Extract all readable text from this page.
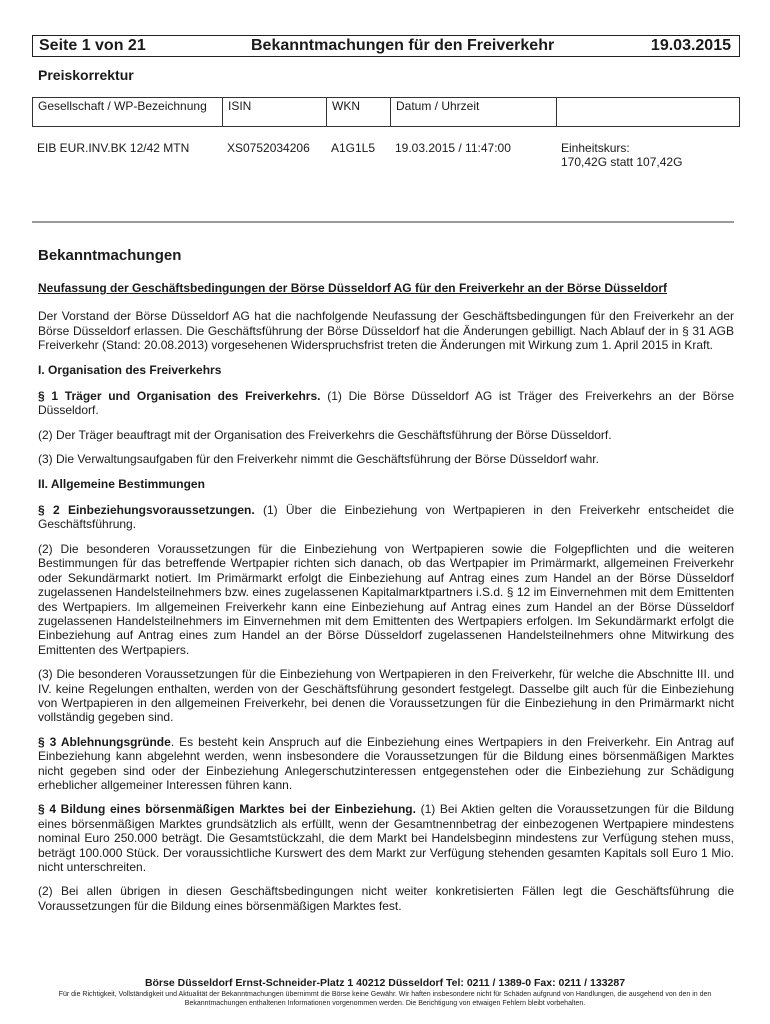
Seite 1 von 21	Bekanntmachungen für den Freiverkehr	19.03.2015
Preiskorrektur
Gesellschaft / WP-Bezeichnung	ISIN	WKN	Datum / Uhrzeit
EIB EUR.INV.BK 12/42 MTN	XS0752034206	A1G1L5	19.03.2015 / 11:47:00	Einheitskurs:
170,42G statt 107,42G
Bekanntmachungen

Neufassung der Geschäftsbedingungen der Börse Düsseldorf AG für den Freiverkehr an der Börse Düsseldorf

Der Vorstand der Börse Düsseldorf AG hat die nachfolgende Neufassung der Geschäftsbedingungen für den Freiverkehr an der Börse Düsseldorf erlassen. Die Geschäftsführung der Börse Düsseldorf hat die Änderungen gebilligt. Nach Ablauf der in § 31 AGB Freiverkehr (Stand: 20.08.2013) vorgesehenen Widerspruchsfrist treten die Änderungen mit Wirkung zum 1. April 2015 in Kraft.

I. Organisation des Freiverkehrs

§ 1 Träger und Organisation des Freiverkehrs. (1) Die Börse Düsseldorf AG ist Träger des Freiverkehrs an der Börse Düsseldorf.

(2) Der Träger beauftragt mit der Organisation des Freiverkehrs die Geschäftsführung der Börse Düsseldorf.

(3) Die Verwaltungsaufgaben für den Freiverkehr nimmt die Geschäftsführung der Börse Düsseldorf wahr.

II. Allgemeine Bestimmungen

§ 2 Einbeziehungsvoraussetzungen. (1) Über die Einbeziehung von Wertpapieren in den Freiverkehr entscheidet die Geschäftsführung.

(2) Die besonderen Voraussetzungen für die Einbeziehung von Wertpapieren sowie die Folgepflichten und die weiteren Bestimmungen für das betreffende Wertpapier richten sich danach, ob das Wertpapier im Primärmarkt, allgemeinen Freiverkehr oder Sekundärmarkt notiert. Im Primärmarkt erfolgt die Einbeziehung auf Antrag eines zum Handel an der Börse Düsseldorf zugelassenen Handelsteilnehmers bzw. eines zugelassenen Kapitalmarktpartners i.S.d. § 12 im Einvernehmen mit dem Emittenten des Wertpapiers. Im allgemeinen Freiverkehr kann eine Einbeziehung auf Antrag eines zum Handel an der Börse Düsseldorf zugelassenen Handelsteilnehmers im Einvernehmen mit dem Emittenten des Wertpapiers erfolgen. Im Sekundärmarkt erfolgt die Einbeziehung auf Antrag eines zum Handel an der Börse Düsseldorf zugelassenen Handelsteilnehmers ohne Mitwirkung des Emittenten des Wertpapiers.

(3) Die besonderen Voraussetzungen für die Einbeziehung von Wertpapieren in den Freiverkehr, für welche die Abschnitte III. und IV. keine Regelungen enthalten, werden von der Geschäftsführung gesondert festgelegt. Dasselbe gilt auch für die Einbeziehung von Wertpapieren in den allgemeinen Freiverkehr, bei denen die Voraussetzungen für die Einbeziehung in den Primärmarkt nicht vollständig gegeben sind.

§ 3 Ablehnungsgründe. Es besteht kein Anspruch auf die Einbeziehung eines Wertpapiers in den Freiverkehr. Ein Antrag auf Einbeziehung kann abgelehnt werden, wenn insbesondere die Voraussetzungen für die Bildung eines börsenmäßigen Marktes nicht gegeben sind oder der Einbeziehung Anlegerschutzinteressen entgegenstehen oder die Einbeziehung zur Schädigung erheblicher allgemeiner Interessen führen kann.

§ 4 Bildung eines börsenmäßigen Marktes bei der Einbeziehung. (1) Bei Aktien gelten die Voraussetzungen für die Bildung eines börsenmäßigen Marktes grundsätzlich als erfüllt, wenn der Gesamtnennbetrag der einbezogenen Wertpapiere mindestens nominal Euro 250.000 beträgt. Die Gesamtstückzahl, die dem Markt bei Handelsbeginn mindestens zur Verfügung stehen muss, beträgt 100.000 Stück. Der voraussichtliche Kurswert des dem Markt zur Verfügung stehenden gesamten Kapitals soll Euro 1 Mio. nicht unterschreiten.

(2) Bei allen übrigen in diesen Geschäftsbedingungen nicht weiter konkretisierten Fällen legt die Geschäftsführung die Voraussetzungen für die Bildung eines börsenmäßigen Marktes fest.

Börse Düsseldorf Ernst-Schneider-Platz 1 40212 Düsseldorf Tel: 0211 / 1389-0 Fax: 0211 / 133287
Für die Richtigkeit, Vollständigkeit und Aktualität der Bekanntmachungen übernimmt die Börse keine Gewähr. Wir haften insbesondere nicht für Schäden aufgrund von Handlungen, die ausgehend von den in den Bekanntmachungen enthaltenen Informationen vorgenommen werden. Die Berichtigung von etwaigen Fehlern bleibt vorbehalten.
